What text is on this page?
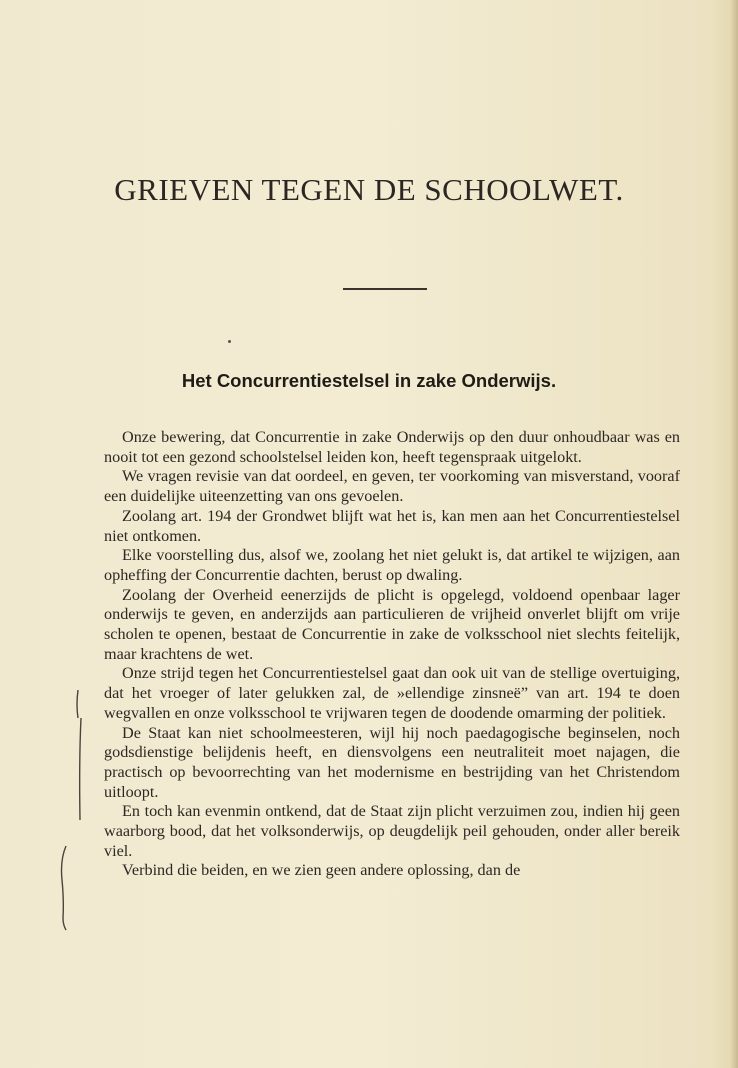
GRIEVEN TEGEN DE SCHOOLWET.
Het Concurrentiestelsel in zake Onderwijs.

Onze bewering, dat Concurrentie in zake Onderwijs op den duur onhoudbaar was en nooit tot een gezond schoolstelsel leiden kon, heeft tegenspraak uitgelokt.

We vragen revisie van dat oordeel, en geven, ter voorkoming van misverstand, vooraf een duidelijke uiteenzetting van ons gevoelen.

Zoolang art. 194 der Grondwet blijft wat het is, kan men aan het Concurrentiestelsel niet ontkomen.

Elke voorstelling dus, alsof we, zoolang het niet gelukt is, dat artikel te wijzigen, aan opheffing der Concurrentie dachten, berust op dwaling.

Zoolang der Overheid eenerzijds de plicht is opgelegd, voldoend openbaar lager onderwijs te geven, en anderzijds aan particulieren de vrijheid onverlet blijft om vrije scholen te openen, bestaat de Concurrentie in zake de volksschool niet slechts feitelijk, maar krachtens de wet.

Onze strijd tegen het Concurrentiestelsel gaat dan ook uit van de stellige overtuiging, dat het vroeger of later gelukken zal, de »ellendige zinsneë” van art. 194 te doen wegvallen en onze volksschool te vrijwaren tegen de doodende omarming der politiek.

De Staat kan niet schoolmeesteren, wijl hij noch paedagogische beginselen, noch godsdienstige belijdenis heeft, en diensvolgens een neutraliteit moet najagen, die practisch op bevoorrechting van het modernisme en bestrijding van het Christendom uitloopt.

En toch kan evenmin ontkend, dat de Staat zijn plicht verzuimen zou, indien hij geen waarborg bood, dat het volksonderwijs, op deugdelijk peil gehouden, onder aller bereik viel.

Verbind die beiden, en we zien geen andere oplossing, dan de
